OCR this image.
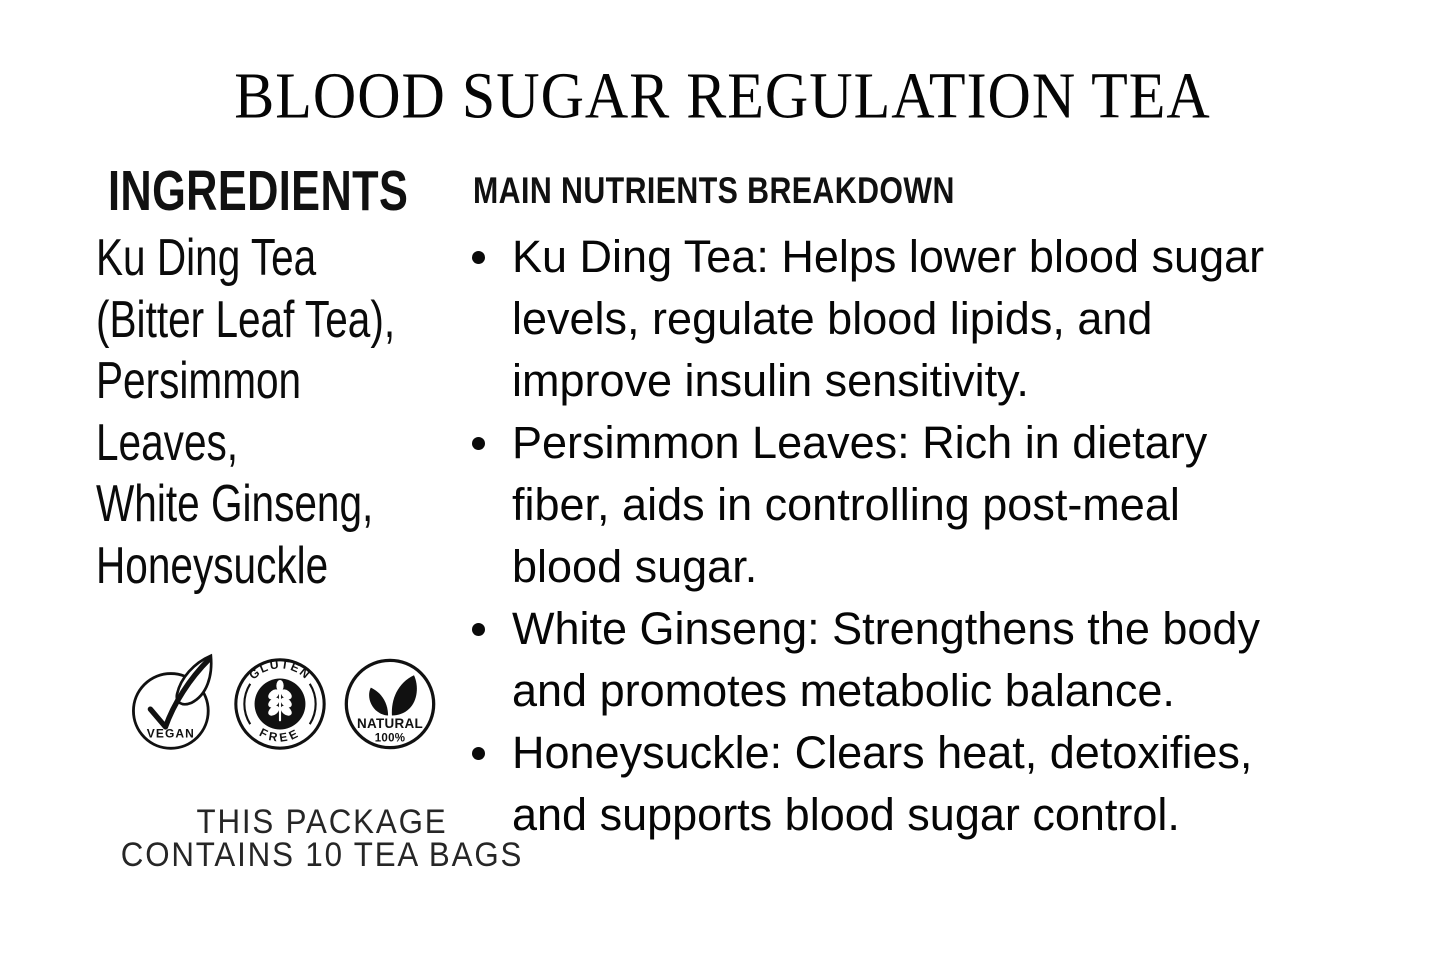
BLOOD SUGAR REGULATION TEA
INGREDIENTS
Ku Ding Tea
(Bitter Leaf Tea),
Persimmon
Leaves,
White Ginseng,
Honeysuckle
VEGAN
GLUTEN
FREE
NATURAL
100%
THIS PACKAGE
CONTAINS 10 TEA BAGS
MAIN NUTRIENTS BREAKDOWN
Ku Ding Tea: Helps lower blood sugar levels, regulate blood lipids, and improve insulin sensitivity.
Persimmon Leaves: Rich in dietary fiber, aids in controlling post-meal blood sugar.
White Ginseng: Strengthens the body and promotes metabolic balance.
Honeysuckle: Clears heat, detoxifies, and supports blood sugar control.
